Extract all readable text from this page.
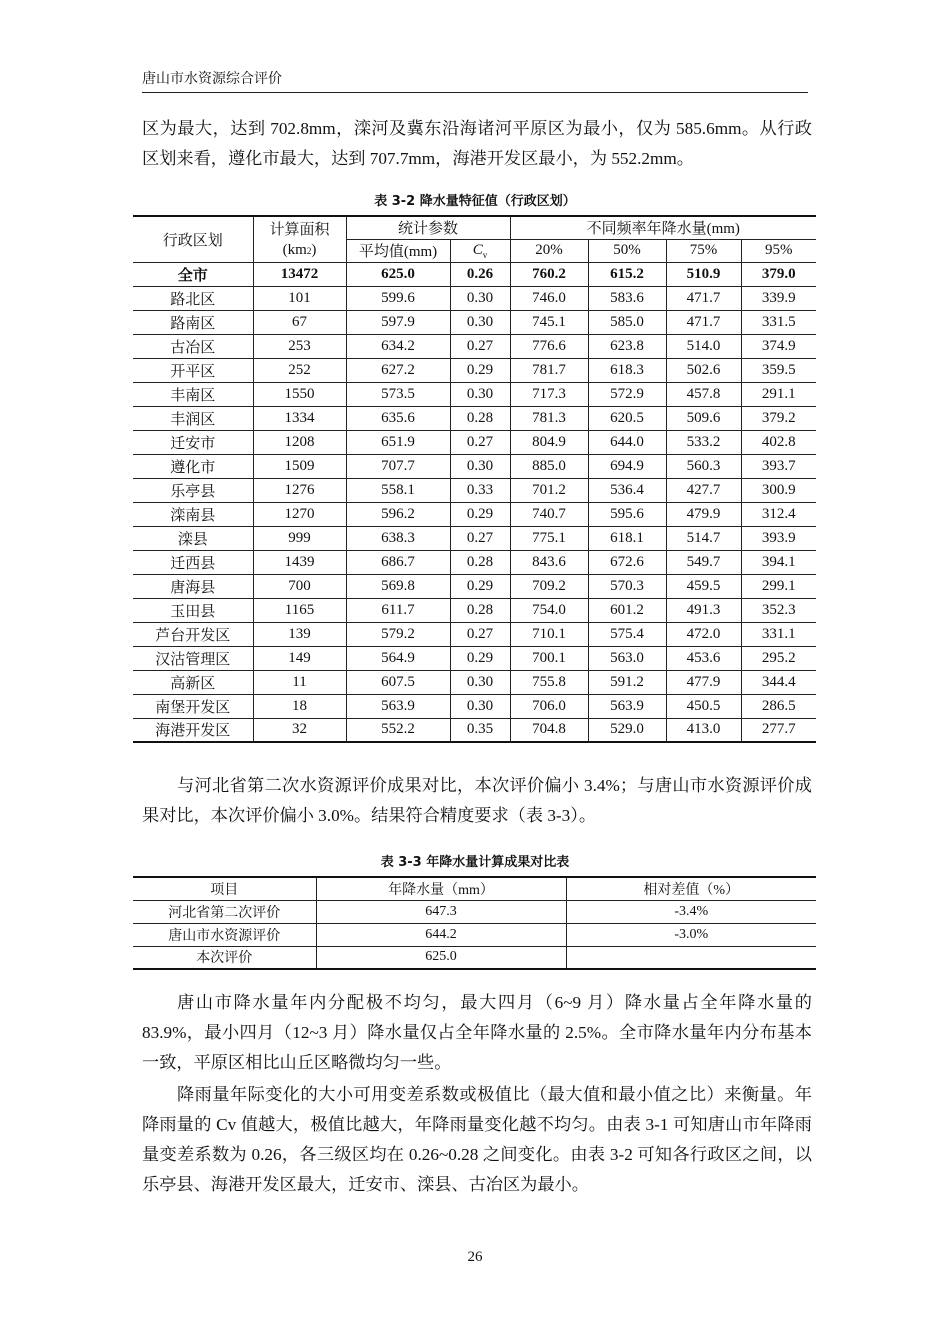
唐山市水资源综合评价

区为最大，达到 702.8mm，滦河及冀东沿海诸河平原区为最小，仅为 585.6mm。从行政区划来看，遵化市最大，达到 707.7mm，海港开发区最小，为 552.2mm。

表 3-2 降水量特征值（行政区划）
行政区划	计算面积	统计参数		不同频率年降水量(mm)			
	(km2)	平均值(mm)	$C_v$	20%	50%	75%	95%
全市	13472	625.0	0.26	760.2	615.2	510.9	379.0
路北区	101	599.6	0.30	746.0	583.6	471.7	339.9
路南区	67	597.9	0.30	745.1	585.0	471.7	331.5
古冶区	253	634.2	0.27	776.6	623.8	514.0	374.9
开平区	252	627.2	0.29	781.7	618.3	502.6	359.5
丰南区	1550	573.5	0.30	717.3	572.9	457.8	291.1
丰润区	1334	635.6	0.28	781.3	620.5	509.6	379.2
迁安市	1208	651.9	0.27	804.9	644.0	533.2	402.8
遵化市	1509	707.7	0.30	885.0	694.9	560.3	393.7
乐亭县	1276	558.1	0.33	701.2	536.4	427.7	300.9
滦南县	1270	596.2	0.29	740.7	595.6	479.9	312.4
滦县	999	638.3	0.27	775.1	618.1	514.7	393.9
迁西县	1439	686.7	0.28	843.6	672.6	549.7	394.1
唐海县	700	569.8	0.29	709.2	570.3	459.5	299.1
玉田县	1165	611.7	0.28	754.0	601.2	491.3	352.3
芦台开发区	139	579.2	0.27	710.1	575.4	472.0	331.1
汉沽管理区	149	564.9	0.29	700.1	563.0	453.6	295.2
高新区	11	607.5	0.30	755.8	591.2	477.9	344.4
南堡开发区	18	563.9	0.30	706.0	563.9	450.5	286.5
海港开发区	32	552.2	0.35	704.8	529.0	413.0	277.7

与河北省第二次水资源评价成果对比，本次评价偏小 3.4%；与唐山市水资源评价成果对比，本次评价偏小 3.0%。结果符合精度要求（表 3-3）。

表 3-3 年降水量计算成果对比表
项目	年降水量（mm）	相对差值（%）
河北省第二次评价	647.3	-3.4%
唐山市水资源评价	644.2	-3.0%
本次评价	625.0	

唐山市降水量年内分配极不均匀，最大四月（6~9 月）降水量占全年降水量的 83.9%，最小四月（12~3 月）降水量仅占全年降水量的 2.5%。全市降水量年内分布基本一致，平原区相比山丘区略微均匀一些。

降雨量年际变化的大小可用变差系数或极值比（最大值和最小值之比）来衡量。年降雨量的 Cv 值越大，极值比越大，年降雨量变化越不均匀。由表 3-1 可知唐山市年降雨量变差系数为 0.26，各三级区均在 0.26~0.28 之间变化。由表 3-2 可知各行政区之间，以乐亭县、海港开发区最大，迁安市、滦县、古冶区为最小。

26
